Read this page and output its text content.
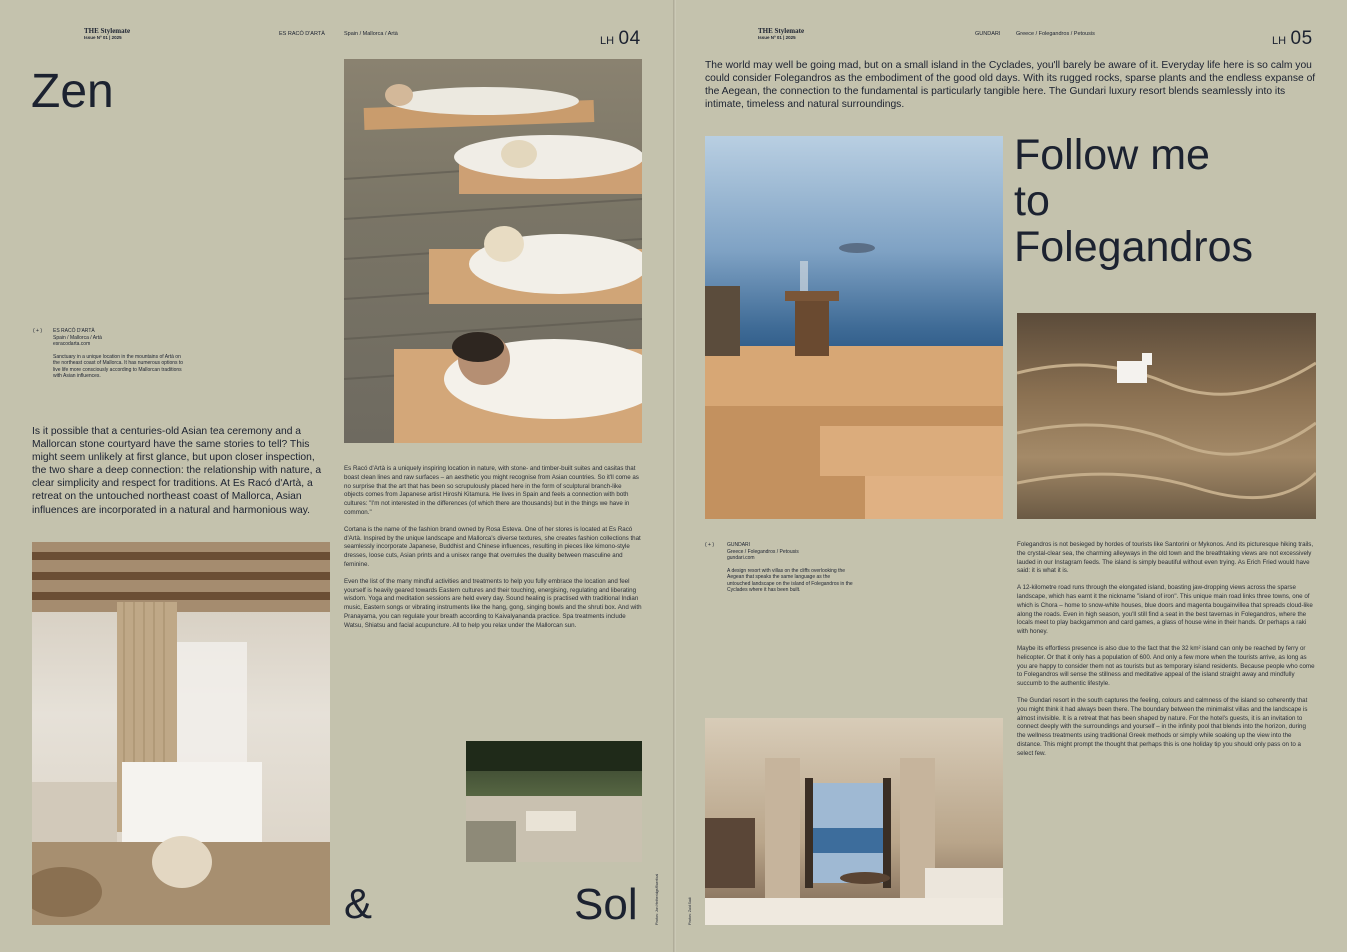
THE Stylemate
Issue Nº 01 | 2025
ES RACÓ D'ARTÀ	Spain / Mallorca / Artà
LH 04
Zen
( + ) ES RACÓ D'ARTÀ
Spain / Mallorca / Artà
esracodarta.com
Sanctuary in a unique location in the mountains of Artà on the northeast coast of Mallorca. It has numerous options to live life more consciously according to Mallorcan traditions with Asian influences.
Is it possible that a centuries-old Asian tea ceremony and a Mallorcan stone courtyard have the same stories to tell? This might seem unlikely at first glance, but upon closer inspection, the two share a deep connection: the relationship with nature, a clear simplicity and respect for traditions. At Es Racó d'Artà, a retreat on the untouched northeast coast of Mallorca, Asian influences are incorporated in a natural and harmonious way.

Es Racó d'Artà is a uniquely inspiring location in nature, with stone- and timber-built suites and casitas that boast clean lines and raw surfaces – an aesthetic you might recognise from Asian countries. So it'll come as no surprise that the art that has been so scrupulously placed here in the form of sculptural branch-like objects comes from Japanese artist Hiroshi Kitamura. He lives in Spain and feels a connection with both cultures: "I'm not interested in the differences (of which there are thousands) but in the things we have in common."

Cortana is the name of the fashion brand owned by Rosa Esteva. One of her stores is located at Es Racó d'Artà. Inspired by the unique landscape and Mallorca's diverse textures, she creates fashion collections that seamlessly incorporate Japanese, Buddhist and Chinese influences, resulting in pieces like kimono-style dresses, loose cuts, Asian prints and a unisex range that overrules the duality between masculine and feminine.

Even the list of the many mindful activities and treatments to help you fully embrace the location and feel yourself is heavily geared towards Eastern cultures and their touching, energising, regulating and liberating wisdom. Yoga and meditation sessions are held every day. Sound healing is practised with traditional Indian music, Eastern songs or vibrating instruments like the hang, gong, singing bowls and the shruti box. And with Pranayama, you can regulate your breath according to Kaivalyananda practice. Spa treatments include Watsu, Shiatsu and facial acupuncture. All to help you relax under the Mallorcan sun.

&	Sol	Photos: Jon Hetheridge/Baertical
THE Stylemate
Issue Nº 01 | 2025
GUNDARI	Greece / Folegandros / Petousis
LH 05
The world may well be going mad, but on a small island in the Cyclades, you'll barely be aware of it. Everyday life here is so calm you could consider Folegandros as the embodiment of the good old days. With its rugged rocks, sparse plants and the endless expanse of the Aegean, the connection to the fundamental is particularly tangible here. The Gundari luxury resort blends seamlessly into its intimate, timeless and natural surroundings.
Follow me
to
Folegandros
( + )	GUNDARI
Greece / Folegandros / Petousis
gundari.com
A design resort with villas on the cliffs overlooking the Aegean that speaks the same language as the untouched landscape on the island of Folegandros in the Cyclades where it has been built.

Folegandros is not besieged by hordes of tourists like Santorini or Mykonos. And its picturesque hiking trails, the crystal-clear sea, the charming alleyways in the old town and the breathtaking views are not excessively lauded in our Instagram feeds. The island is simply beautiful without even trying. As Erich Fried would have said: it is what it is.

A 12-kilometre road runs through the elongated island, boasting jaw-dropping views across the sparse landscape, which has earnt it the nickname "island of iron". This unique main road links three towns, one of which is Chora – home to snow-white houses, blue doors and magenta bougainvillea that spreads cloud-like along the roads. Even in high season, you'll still find a seat in the best tavernas in Folegandros, where the locals meet to play backgammon and card games, a glass of house wine in their hands. Or perhaps a raki with honey.

Maybe its effortless presence is also due to the fact that the 32 km² island can only be reached by ferry or helicopter. Or that it only has a population of 600. And only a few more when the tourists arrive, as long as you are happy to consider them not as tourists but as temporary island residents. Because people who come to Folegandros will sense the stillness and meditative appeal of the island straight away and mindfully succumb to the authentic lifestyle.

The Gundari resort in the south captures the feeling, colours and calmness of the island so coherently that you might think it had always been there. The boundary between the minimalist villas and the landscape is almost invisible. It is a retreat that has been shaped by nature. For the hotel's guests, it is an invitation to connect deeply with the surroundings and yourself – in the infinity pool that blends into the horizon, during the wellness treatments using traditional Greek methods or simply while soaking up the view into the distance. This might prompt the thought that perhaps this is one holiday tip you should only pass on to a select few.

Photos: Zaid Sadi
